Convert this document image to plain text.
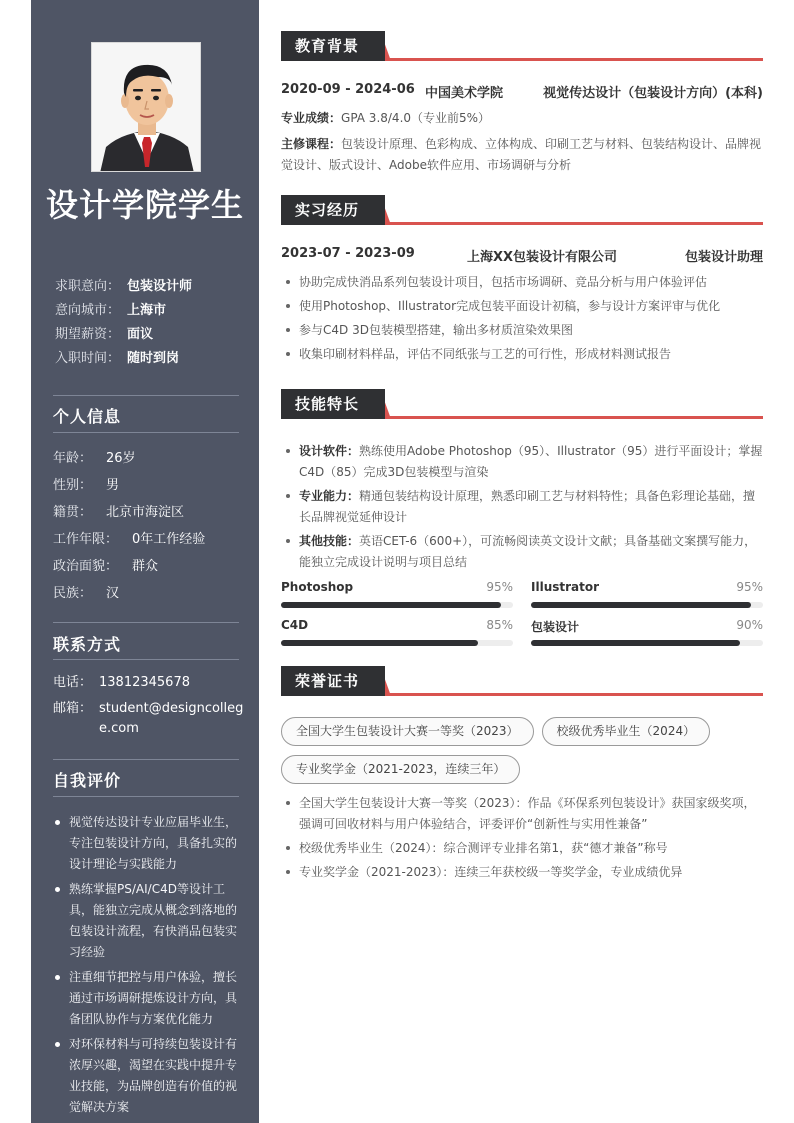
设计学院学生
求职意向： 包装设计师
意向城市： 上海市
期望薪资： 面议
入职时间： 随时到岗
个人信息
年龄： 26岁
性别： 男
籍贯： 北京市海淀区
工作年限： 0年工作经验
政治面貌： 群众
民族： 汉
联系方式
电话： 13812345678
邮箱： student@designcollege.com
自我评价
视觉传达设计专业应届毕业生，专注包装设计方向，具备扎实的设计理论与实践能力
熟练掌握PS/AI/C4D等设计工具，能独立完成从概念到落地的包装设计流程，有快消品包装实习经验
注重细节把控与用户体验，擅长通过市场调研提炼设计方向，具备团队协作与方案优化能力
对环保材料与可持续包装设计有浓厚兴趣，渴望在实践中提升专业技能，为品牌创造有价值的视觉解决方案
教育背景
2020-09 - 2024-06 中国美术学院	视觉传达设计（包装设计方向）(本科)
专业成绩：GPA 3.8/4.0（专业前5%）
主修课程：包装设计原理、色彩构成、立体构成、印刷工艺与材料、包装结构设计、品牌视觉设计、版式设计、Adobe软件应用、市场调研与分析
实习经历
2023-07 - 2023-09	上海XX包装设计有限公司	包装设计助理
协助完成快消品系列包装设计项目，包括市场调研、竞品分析与用户体验评估
使用Photoshop、Illustrator完成包装平面设计初稿，参与设计方案评审与优化
参与C4D 3D包装模型搭建，输出多材质渲染效果图
收集印刷材料样品，评估不同纸张与工艺的可行性，形成材料测试报告
技能特长
设计软件：熟练使用Adobe Photoshop（95）、Illustrator（95）进行平面设计；掌握C4D（85）完成3D包装模型与渲染
专业能力：精通包装结构设计原理，熟悉印刷工艺与材料特性；具备色彩理论基础，擅长品牌视觉延伸设计
其他技能：英语CET-6（600+），可流畅阅读英文设计文献；具备基础文案撰写能力，能独立完成设计说明与项目总结
Photoshop	95% Illustrator	95%
C4D	85% 包装设计	90%
荣誉证书
全国大学生包装设计大赛一等奖（2023）	校级优秀毕业生（2024）专业奖学金（2021-2023，连续三年）
全国大学生包装设计大赛一等奖（2023）：作品《环保系列包装设计》获国家级奖项，强调可回收材料与用户体验结合，评委评价“创新性与实用性兼备”
校级优秀毕业生（2024）：综合测评专业排名第1，获“德才兼备”称号
专业奖学金（2021-2023）：连续三年获校级一等奖学金，专业成绩优异
